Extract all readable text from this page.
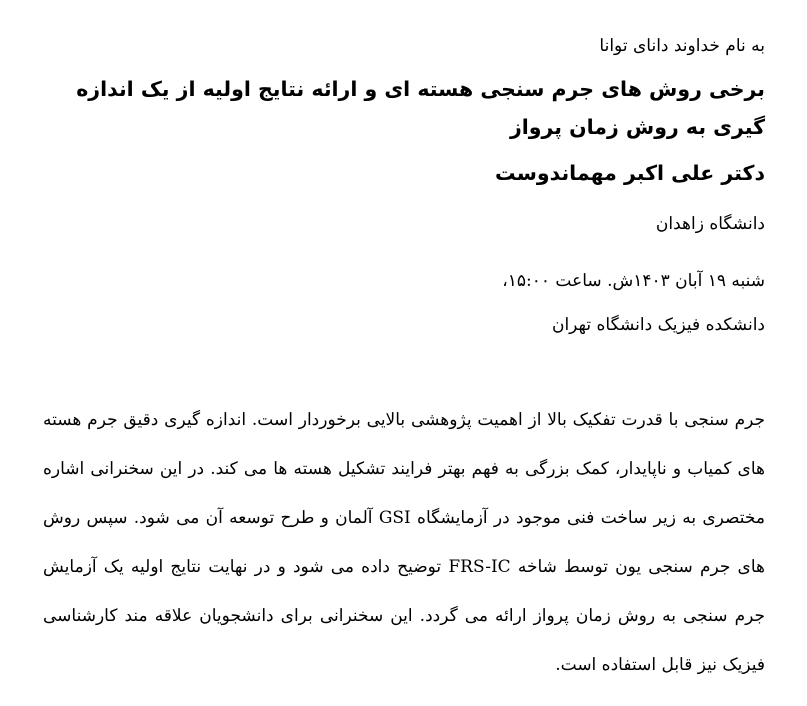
به نام خداوند دانای توانا
برخی روش های جرم سنجی هسته ای و ارائه نتایج اولیه از یک اندازه گیری به روش زمان پرواز
دکتر علی اکبر مهماندوست
دانشگاه زاهدان
شنبه ۱۹ آبان ۱۴۰۳ش. ساعت ۱۵:۰۰،
دانشکده فیزیک دانشگاه تهران
جرم سنجی با قدرت تفکیک بالا از اهمیت پژوهشی بالایی برخوردار است. اندازه گیری دقیق جرم هسته های کمیاب و ناپایدار، کمک بزرگی به فهم بهتر فرایند تشکیل هسته ها می کند. در این سخنرانی اشاره مختصری به زیر ساخت فنی موجود در آزمایشگاه GSI آلمان و طرح توسعه آن می شود. سپس روش های جرم سنجی یون توسط شاخه FRS-IC توضیح داده می شود و در نهایت نتایج اولیه یک آزمایش جرم سنجی به روش زمان پرواز ارائه می گردد. این سخنرانی برای دانشجویان علاقه مند کارشناسی فیزیک نیز قابل استفاده است.
